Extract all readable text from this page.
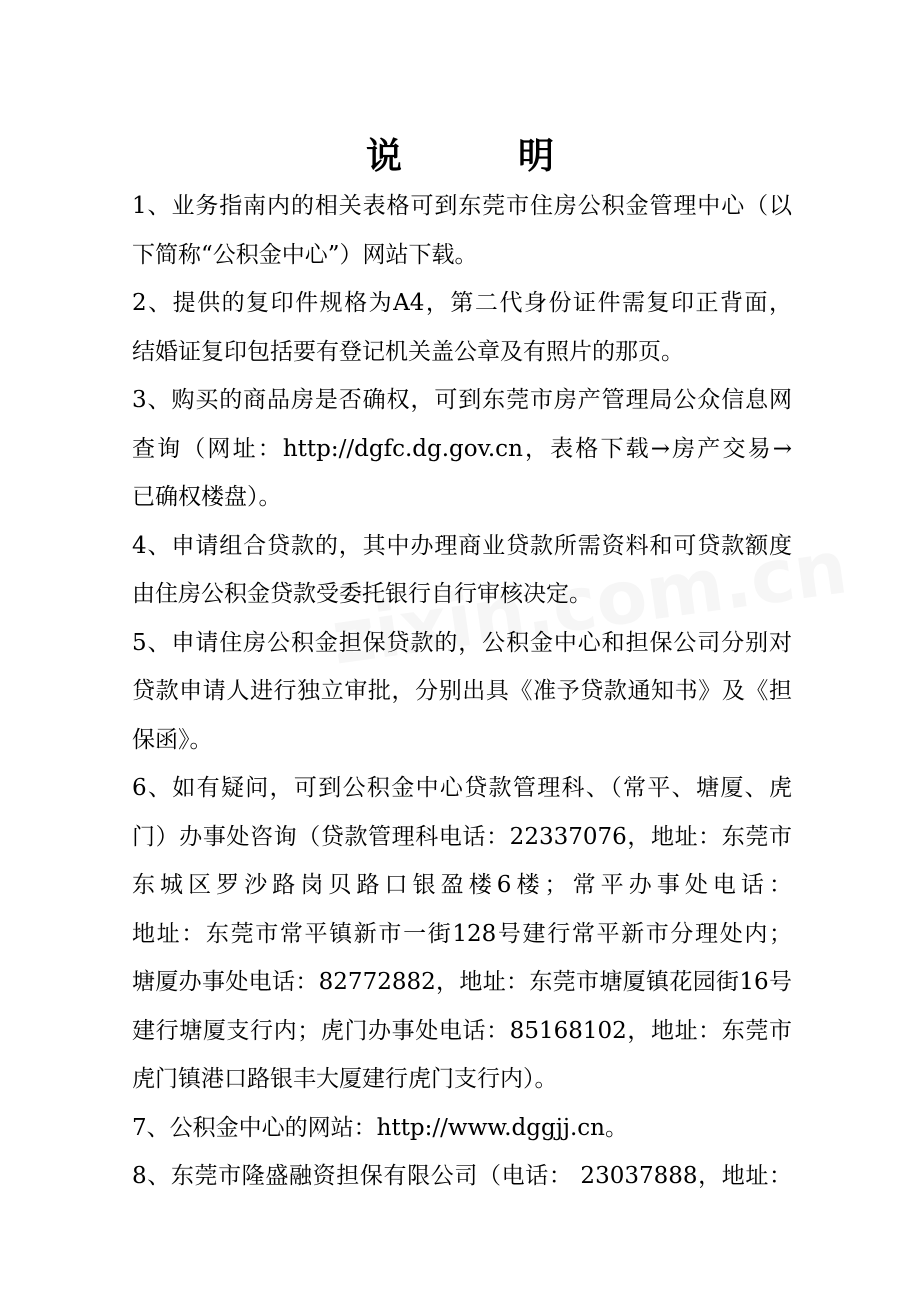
说　明
1、业务指南内的相关表格可到东莞市住房公积金管理中心（以
下简称“公积金中心”）网站下载。
2、提供的复印件规格为A4，第二代身份证件需复印正背面，
结婚证复印包括要有登记机关盖公章及有照片的那页。
3、购买的商品房是否确权，可到东莞市房产管理局公众信息网
查询（网址：http://dgfc.dg.gov.cn，表格下载→房产交易→
已确权楼盘）。
4、申请组合贷款的，其中办理商业贷款所需资料和可贷款额度
由住房公积金贷款受委托银行自行审核决定。
5、申请住房公积金担保贷款的，公积金中心和担保公司分别对
贷款申请人进行独立审批，分别出具《准予贷款通知书》及《担
保函》。
6、如有疑问，可到公积金中心贷款管理科、（常平、塘厦、虎
门）办事处咨询（贷款管理科电话：22337076，地址：东莞市
东城区罗沙路岗贝路口银盈楼6楼；常平办事处电话：
地址：东莞市常平镇新市一街128号建行常平新市分理处内；
塘厦办事处电话：82772882，地址：东莞市塘厦镇花园街16号
建行塘厦支行内；虎门办事处电话：85168102，地址：东莞市
虎门镇港口路银丰大厦建行虎门支行内）。
7、公积金中心的网站：http://www.dggjj.cn。
8、东莞市隆盛融资担保有限公司（电话： 23037888，地址：
